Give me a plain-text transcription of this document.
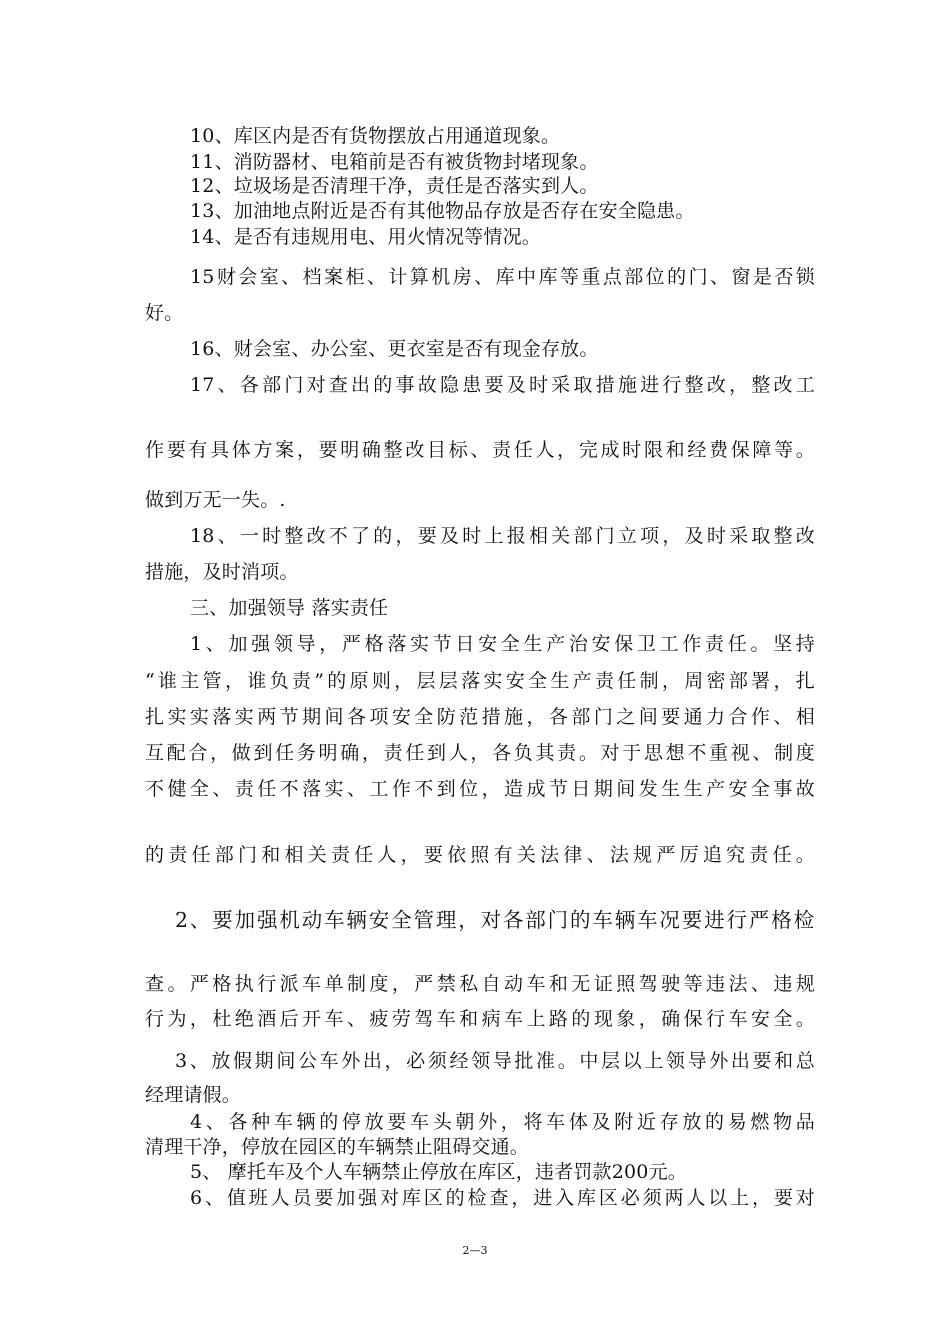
10、库区内是否有货物摆放占用通道现象。
11、消防器材、电箱前是否有被货物封堵现象。
12、垃圾场是否清理干净，责任是否落实到人。
13、加油地点附近是否有其他物品存放是否存在安全隐患。
14、是否有违规用电、用火情况等情况。
15财会室、档案柜、计算机房、库中库等重点部位的门、窗是否锁
好。
16、财会室、办公室、更衣室是否有现金存放。
17、各部门对查出的事故隐患要及时采取措施进行整改，整改工
作要有具体方案，要明确整改目标、责任人，完成时限和经费保障等。
做到万无一失。.
18、一时整改不了的，要及时上报相关部门立项，及时采取整改
措施，及时消项。
三、加强领导 落实责任
1、加强领导，严格落实节日安全生产治安保卫工作责任。坚持
“谁主管，谁负责”的原则，层层落实安全生产责任制，周密部署，扎
扎实实落实两节期间各项安全防范措施，各部门之间要通力合作、相
互配合，做到任务明确，责任到人，各负其责。对于思想不重视、制度
不健全、责任不落实、工作不到位，造成节日期间发生生产安全事故
的责任部门和相关责任人，要依照有关法律、法规严厉追究责任。
2、要加强机动车辆安全管理，对各部门的车辆车况要进行严格检
查。严格执行派车单制度，严禁私自动车和无证照驾驶等违法、违规
行为，杜绝酒后开车、疲劳驾车和病车上路的现象，确保行车安全。
3、放假期间公车外出，必须经领导批准。中层以上领导外出要和总
经理请假。
4、各种车辆的停放要车头朝外，将车体及附近存放的易燃物品
清理干净，停放在园区的车辆禁止阻碍交通。
5、 摩托车及个人车辆禁止停放在库区，违者罚款200元。
6、值班人员要加强对库区的检查，进入库区必须两人以上，要对
2—3
